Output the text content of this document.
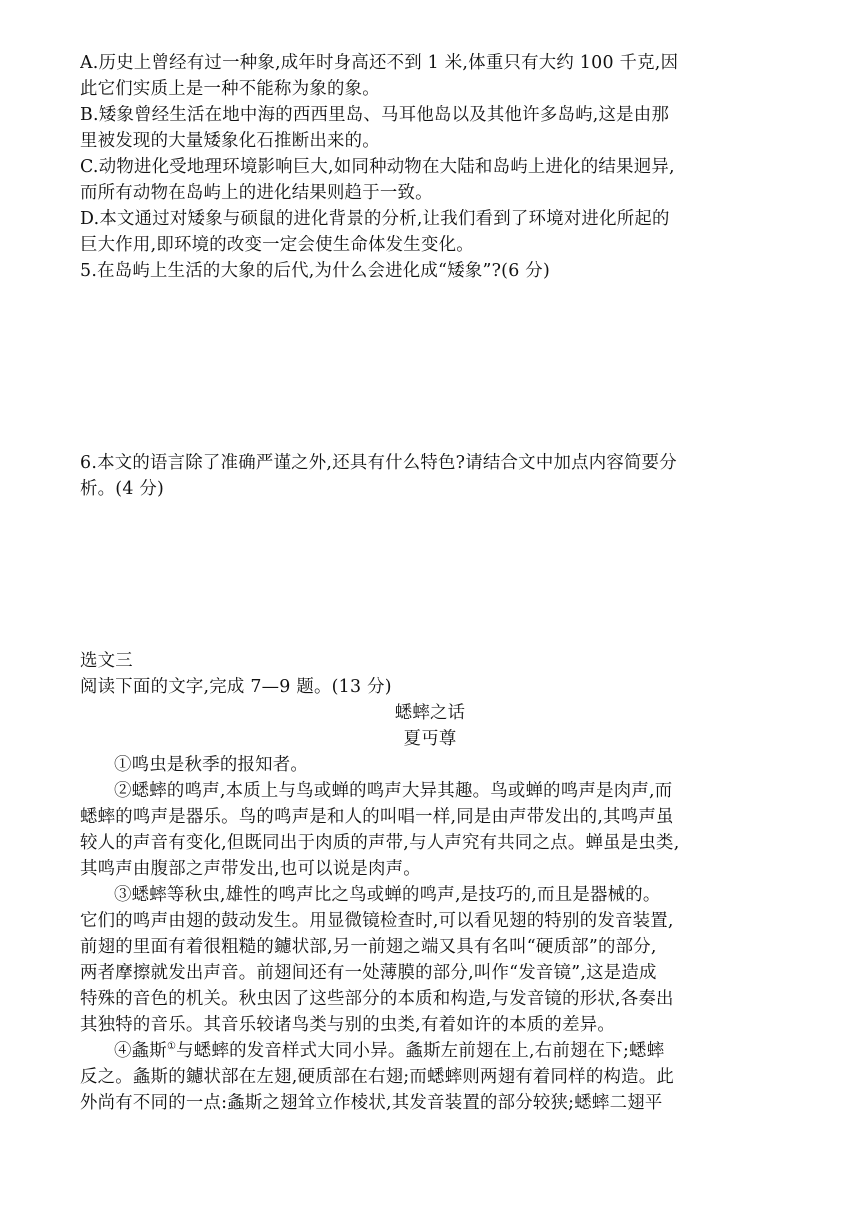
A.历史上曾经有过一种象,成年时身高还不到 1 米,体重只有大约 100 千克,因
此它们实质上是一种不能称为象的象。
B.矮象曾经生活在地中海的西西里岛、马耳他岛以及其他许多岛屿,这是由那
里被发现的大量矮象化石推断出来的。
C.动物进化受地理环境影响巨大,如同种动物在大陆和岛屿上进化的结果迥异,
而所有动物在岛屿上的进化结果则趋于一致。
D.本文通过对矮象与硕鼠的进化背景的分析,让我们看到了环境对进化所起的
巨大作用,即环境的改变一定会使生命体发生变化。
5.在岛屿上生活的大象的后代,为什么会进化成“矮象”?(6 分)
6.本文的语言除了准确严谨之外,还具有什么特色?请结合文中加点内容简要分
析。(4 分)
选文三
阅读下面的文字,完成 7—9 题。(13 分)
蟋蟀之话
夏丏尊
①鸣虫是秋季的报知者。
②蟋蟀的鸣声,本质上与鸟或蝉的鸣声大异其趣。鸟或蝉的鸣声是肉声,而
蟋蟀的鸣声是器乐。鸟的鸣声是和人的叫唱一样,同是由声带发出的,其鸣声虽
较人的声音有变化,但既同出于肉质的声带,与人声究有共同之点。蝉虽是虫类,
其鸣声由腹部之声带发出,也可以说是肉声。
③蟋蟀等秋虫,雄性的鸣声比之鸟或蝉的鸣声,是技巧的,而且是器械的。
它们的鸣声由翅的鼓动发生。用显微镜检查时,可以看见翅的特别的发音装置,
前翅的里面有着很粗糙的鑢状部,另一前翅之端又具有名叫“硬质部”的部分,
两者摩擦就发出声音。前翅间还有一处薄膜的部分,叫作“发音镜”,这是造成
特殊的音色的机关。秋虫因了这些部分的本质和构造,与发音镜的形状,各奏出
其独特的音乐。其音乐较诸鸟类与别的虫类,有着如许的本质的差异。
④螽斯①与蟋蟀的发音样式大同小异。螽斯左前翅在上,右前翅在下;蟋蟀
反之。螽斯的鑢状部在左翅,硬质部在右翅;而蟋蟀则两翅有着同样的构造。此
外尚有不同的一点:螽斯之翅耸立作棱状,其发音装置的部分较狭;蟋蟀二翅平
